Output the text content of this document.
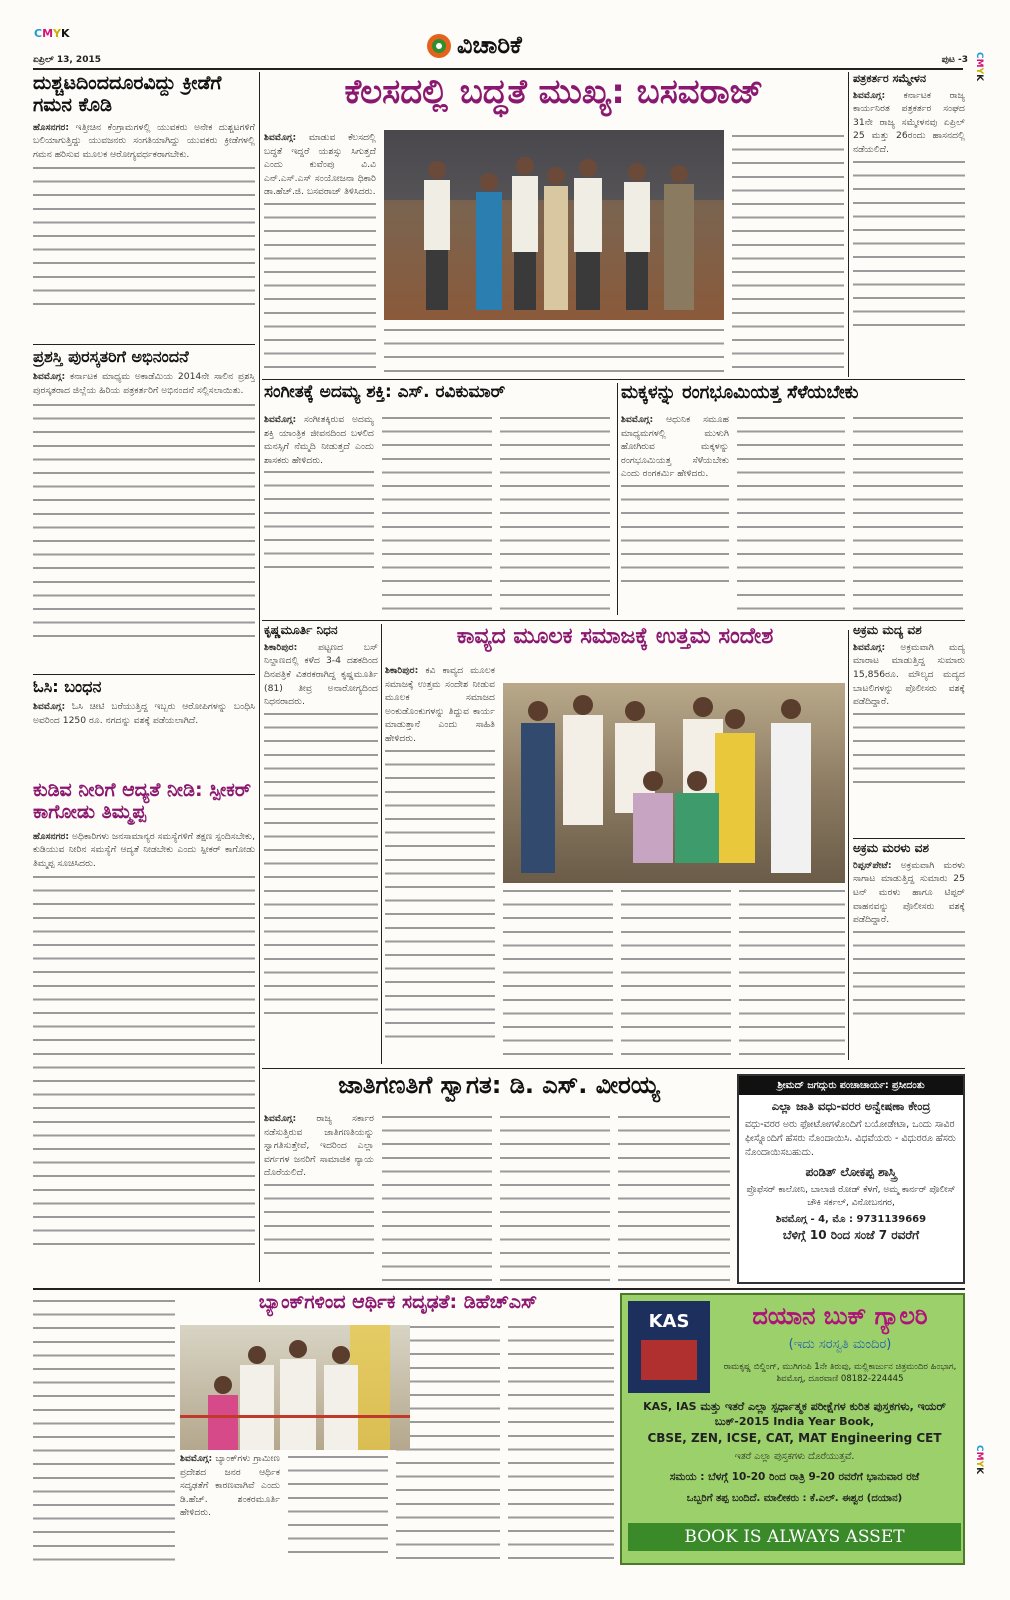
CMYK	ವಿಚಾರಿಕೆ
ಏಪ್ರಿಲ್ 13, 2015	ಪುಟ -3 CMYK
CMYK
ದುಶ್ಚಟದಿಂದದೂರವಿದ್ದು ಕ್ರೀಡೆಗೆ ಗಮನ ಕೊಡಿ
ಹೊಸನಗರ: ಇತ್ತೀಚಿನ ಕೆಂಗ್ರಾಮಗಳಲ್ಲಿ ಯುವಕರು ಅನೇಕ ದುಶ್ಚಟಗಳಿಗೆ ಬಲಿಯಾಗುತ್ತಿದ್ದು ಯುವಜನರು ಸಂಗತಿಯಾಗಿದ್ದು ಯುವಕರು ಕ್ರೀಡೆಗಳಲ್ಲಿ ಗಮನ ಹರಿಸುವ ಮೂಲಕ ಆರೋಗ್ಯವರ್ಧಕರಾಗಬೇಕು.
ಪ್ರಶಸ್ತಿ ಪುರಸ್ಕತರಿಗೆ ಅಭಿನಂದನೆ
ಶಿವಮೊಗ್ಗ: ಕರ್ನಾಟಕ ಮಾಧ್ಯಮ ಅಕಾಡೆಮಿಯ 2014ನೇ ಸಾಲಿನ ಪ್ರಶಸ್ತಿ ಪುರಸ್ಕತರಾದ ಜಿಲ್ಲೆಯ ಹಿರಿಯ ಪತ್ರಕರ್ತರಿಗೆ ಅಭಿನಂದನೆ ಸಲ್ಲಿಸಲಾಯಿತು.
ಓಸಿ: ಬಂಧನ
ಶಿವಮೊಗ್ಗ: ಓಸಿ ಚೀಟಿ ಬರೆಯುತ್ತಿದ್ದ ಇಬ್ಬರು ಆರೋಪಿಗಳನ್ನು ಬಂಧಿಸಿ ಅವರಿಂದ 1250 ರೂ. ನಗದನ್ನು ವಶಕ್ಕೆ ಪಡೆಯಲಾಗಿದೆ.
ಕುಡಿವ ನೀರಿಗೆ ಆದ್ಯತೆ ನೀಡಿ: ಸ್ಪೀಕರ್ ಕಾಗೋಡು ತಿಮ್ಮಪ್ಪ
ಹೊಸನಗರ: ಅಧಿಕಾರಿಗಳು ಜನಸಾಮಾನ್ಯರ ಸಮಸ್ಯೆಗಳಿಗೆ ತಕ್ಷಣ ಸ್ಪಂದಿಸಬೇಕು, ಕುಡಿಯುವ ನೀರಿನ ಸಮಸ್ಯೆಗೆ ಆದ್ಯತೆ ನೀಡಬೇಕು ಎಂದು ಸ್ಪೀಕರ್ ಕಾಗೋಡು ತಿಮ್ಮಪ್ಪ ಸೂಚಿಸಿದರು.
ಕೆಲಸದಲ್ಲಿ ಬದ್ಧತೆ ಮುಖ್ಯ: ಬಸವರಾಜ್
ಶಿವಮೊಗ್ಗ: ಮಾಡುವ ಕೆಲಸದಲ್ಲಿ ಬದ್ಧತೆ ಇದ್ದರೆ ಯಶಸ್ಸು ಸಿಗುತ್ತದೆ ಎಂದು ಕುವೆಂಪು ವಿ.ವಿ ಎನ್.ಎಸ್.ಎಸ್ ಸಂಯೋಜನಾ ಧಿಕಾರಿ ಡಾ.ಹೆಚ್.ಜಿ. ಬಸವರಾಜ್ ತಿಳಿಸಿದರು.
ಪತ್ರಕರ್ತರ ಸಮ್ಮೇಳನ
ಶಿವಮೊಗ್ಗ: ಕರ್ನಾಟಕ ರಾಜ್ಯ ಕಾರ್ಯನಿರತ ಪತ್ರಕರ್ತರ ಸಂಘದ 31ನೇ ರಾಜ್ಯ ಸಮ್ಮೇಳನವು ಏಪ್ರಿಲ್ 25 ಮತ್ತು 26ರಂದು ಹಾಸನದಲ್ಲಿ ನಡೆಯಲಿದೆ.
ಸಂಗೀತಕ್ಕೆ ಅದಮ್ಯ ಶಕ್ತಿ: ಎಸ್. ರವಿಕುಮಾರ್
ಶಿವಮೊಗ್ಗ: ಸಂಗೀತಕ್ಕಿರುವ ಅದಮ್ಯ ಶಕ್ತಿ ಯಾಂತ್ರಿಕ ಜೀವನದಿಂದ ಬಳಲಿದ ಮನಸ್ಸಿಗೆ ನೆಮ್ಮದಿ ನೀಡುತ್ತದೆ ಎಂದು ಶಾಸಕರು ಹೇಳಿದರು.
ಮಕ್ಕಳನ್ನು ರಂಗಭೂಮಿಯತ್ತ ಸೆಳೆಯಬೇಕು
ಶಿವಮೊಗ್ಗ: ಆಧುನಿಕ ಸಮೂಹ ಮಾಧ್ಯಮಗಳಲ್ಲಿ ಮುಳುಗಿ ಹೋಗಿರುವ ಮಕ್ಕಳನ್ನು ರಂಗಭೂಮಿಯತ್ತ ಸೆಳೆಯಬೇಕು ಎಂದು ರಂಗಕರ್ಮಿ ಹೇಳಿದರು.
ಕೃಷ್ಣಮೂರ್ತಿ ನಿಧನ
ಶಿಕಾರಿಪುರ: ಪಟ್ಟಣದ ಬಸ್ ನಿಲ್ದಾಣದಲ್ಲಿ ಕಳೆದ 3-4 ದಶಕದಿಂದ ದಿನಪತ್ರಿಕೆ ವಿತರಕರಾಗಿದ್ದ ಕೃಷ್ಣಮೂರ್ತಿ (81) ತೀವ್ರ ಅನಾರೋಗ್ಯದಿಂದ ನಿಧನರಾದರು.
ಕಾವ್ಯದ ಮೂಲಕ ಸಮಾಜಕ್ಕೆ ಉತ್ತಮ ಸಂದೇಶ
ಶಿಕಾರಿಪುರ: ಕವಿ ಕಾವ್ಯದ ಮೂಲಕ ಸಮಾಜಕ್ಕೆ ಉತ್ತಮ ಸಂದೇಶ ನೀಡುವ ಮೂಲಕ ಸಮಾಜದ ಅಂಕುಡೊಂಕುಗಳನ್ನು ತಿದ್ದುವ ಕಾರ್ಯ ಮಾಡುತ್ತಾನೆ ಎಂದು ಸಾಹಿತಿ ಹೇಳಿದರು.
ಅಕ್ರಮ ಮದ್ಯ ವಶ
ಶಿವಮೊಗ್ಗ: ಅಕ್ರಮವಾಗಿ ಮದ್ಯ ಮಾರಾಟ ಮಾಡುತ್ತಿದ್ದ ಸುಮಾರು 15,856ರೂ. ಮೌಲ್ಯದ ಮದ್ಯದ ಬಾಟಲಿಗಳನ್ನು ಪೊಲೀಸರು ವಶಕ್ಕೆ ಪಡೆದಿದ್ದಾರೆ.
ಅಕ್ರಮ ಮರಳು ವಶ
ರಿಪ್ಪನ್‌ಪೇಟೆ: ಅಕ್ರಮವಾಗಿ ಮರಳು ಸಾಗಾಟ ಮಾಡುತ್ತಿದ್ದ ಸುಮಾರು 25 ಟನ್ ಮರಳು ಹಾಗೂ ಟಿಪ್ಪರ್ ವಾಹನವನ್ನು ಪೊಲೀಸರು ವಶಕ್ಕೆ ಪಡೆದಿದ್ದಾರೆ.
ಜಾತಿಗಣತಿಗೆ ಸ್ವಾಗತ: ಡಿ. ಎಸ್. ವೀರಯ್ಯ
ಶಿವಮೊಗ್ಗ: ರಾಜ್ಯ ಸರ್ಕಾರ ನಡೆಸುತ್ತಿರುವ ಜಾತಿಗಣತಿಯನ್ನು ಸ್ವಾಗತಿಸುತ್ತೇವೆ, ಇದರಿಂದ ಎಲ್ಲಾ ವರ್ಗಗಳ ಜನರಿಗೆ ಸಾಮಾಜಿಕ ನ್ಯಾಯ ದೊರೆಯಲಿದೆ.
ಶ್ರೀಮದ್ ಜಗದ್ಗುರು ಪಂಚಾಚಾರ್ಯ: ಪ್ರಸೀದಂತು
ಎಲ್ಲಾ ಜಾತಿ ವಧು-ವರರ ಅನ್ವೇಷಣಾ ಕೇಂದ್ರ
ವಧು-ವರರ ಅರು ಫೋಟೋಗಳೊಂದಿಗೆ ಬಯೋಡೇಟಾ, ಒಂದು ಸಾವಿರ ಫೀಸ್ನೊಂದಿಗೆ ಹೆಸರು ನೊಂದಾಯಿಸಿ. ವಿಧವೆಯರು - ವಿಧುರರೂ ಹೆಸರು ನೊಂದಾಯಿಸಬಹುದು.
ಪಂಡಿತ್ ಲೋಕಪ್ಪ ಶಾಸ್ತ್ರಿ
ಪ್ರೊಫೆಸರ್ ಕಾಲೋನಿ, ಬಾಲಾಜಿ ರೋಡ್ ಕೆಳಗೆ, ಅಮ್ಮ ಕಾರ್ನರ್ ಪೊಲೀಸ್ ಚೌಕಿ ಸರ್ಕಲ್, ವಿನೋಬನಗರ,
ಶಿವಮೊಗ್ಗ - 4, ಮೊ : 9731139669
ಬೆಳಿಗ್ಗೆ 10 ರಿಂದ ಸಂಜೆ 7 ರವರೆಗೆ
ಬ್ಯಾಂಕ್‌ಗಳಿಂದ ಆರ್ಥಿಕ ಸದೃಢತೆ: ಡಿಹೆಚ್‌ಎಸ್
ಶಿವಮೊಗ್ಗ: ಬ್ಯಾಂಕ್‌ಗಳು ಗ್ರಾಮೀಣ ಪ್ರದೇಶದ ಜನರ ಆರ್ಥಿಕ ಸದೃಢತೆಗೆ ಕಾರಣವಾಗಿವೆ ಎಂದು ಡಿ.ಹೆಚ್. ಶಂಕರಮೂರ್ತಿ ಹೇಳಿದರು.
KAS	ದಯಾನ ಬುಕ್ ಗ್ಯಾಲರಿ
(ಇದು ಸರಸ್ವತಿ ಮಂದಿರ)
ರಾಮಕೃಷ್ಣ ಬಿಲ್ಡಿಂಗ್, ಮುಗಿಗಂಪಿ 1ನೇ ತಿರುವು, ಮಲ್ಲಿಕಾರ್ಜುನ ಚಿತ್ರಮಂದಿರ ಹಿಂಭಾಗ, ಶಿವಮೊಗ್ಗ, ದೂರವಾಣಿ 08182-224445
KAS, IAS ಮತ್ತು ಇತರೆ ಎಲ್ಲಾ ಸ್ಪರ್ಧಾತ್ಮಕ ಪರೀಕ್ಷೆಗಳ ಕುರಿತ ಪುಸ್ತಕಗಳು, ಇಯರ್ ಬುಕ್-2015 India Year Book,
CBSE, ZEN, ICSE, CAT, MAT Engineering CET
ಇತರೆ ಎಲ್ಲಾ ಪುಸ್ತಕಗಳು ದೊರೆಯುತ್ತವೆ.
ಸಮಯ : ಬೆಳಗ್ಗೆ 10-20 ರಿಂದ ರಾತ್ರಿ 9-20 ರವರೆಗೆ ಭಾನುವಾರ ರಜೆ
ಒಬ್ಬರಿಗೆ ತಪ್ಪ ಬಂದಿದೆ. ಮಾಲೀಕರು : ಕೆ.ಎಲ್. ಈಶ್ವರ (ದಯಾನ)
BOOK IS ALWAYS ASSET
